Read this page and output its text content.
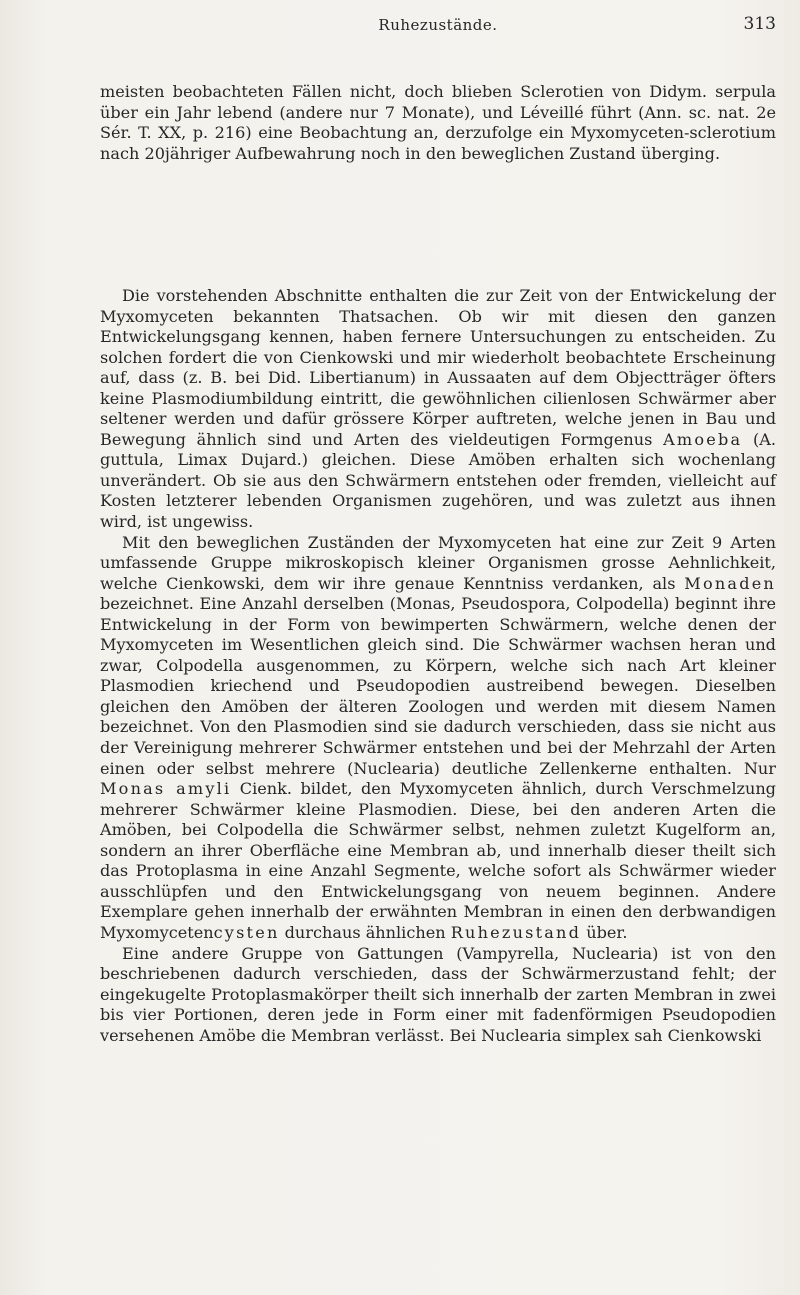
Ruhezustände.	313

meisten beobachteten Fällen nicht, doch blieben Sclerotien von Didym. serpula über ein Jahr lebend (andere nur 7 Monate), und Léveillé führt (Ann. sc. nat. 2e Sér. T. XX, p. 216) eine Beobachtung an, derzufolge ein Myxomyceten-sclerotium nach 20jähriger Aufbewahrung noch in den beweglichen Zustand überging.

Die vorstehenden Abschnitte enthalten die zur Zeit von der Entwickelung der Myxomyceten bekannten Thatsachen. Ob wir mit diesen den ganzen Entwickelungsgang kennen, haben fernere Untersuchungen zu entscheiden. Zu solchen fordert die von Cienkowski und mir wiederholt beobachtete Erscheinung auf, dass (z. B. bei Did. Libertianum) in Aussaaten auf dem Objectträger öfters keine Plasmodiumbildung eintritt, die gewöhnlichen cilienlosen Schwärmer aber seltener werden und dafür grössere Körper auftreten, welche jenen in Bau und Bewegung ähnlich sind und Arten des vieldeutigen Formgenus Amoeba (A. guttula, Limax Dujard.) gleichen. Diese Amöben erhalten sich wochenlang unverändert. Ob sie aus den Schwärmern entstehen oder fremden, vielleicht auf Kosten letzterer lebenden Organismen zugehören, und was zuletzt aus ihnen wird, ist ungewiss.

Mit den beweglichen Zuständen der Myxomyceten hat eine zur Zeit 9 Arten umfassende Gruppe mikroskopisch kleiner Organismen grosse Aehnlichkeit, welche Cienkowski, dem wir ihre genaue Kenntniss verdanken, als Monaden bezeichnet. Eine Anzahl derselben (Monas, Pseudospora, Colpodella) beginnt ihre Entwickelung in der Form von bewimperten Schwärmern, welche denen der Myxomyceten im Wesentlichen gleich sind. Die Schwärmer wachsen heran und zwar, Colpodella ausgenommen, zu Körpern, welche sich nach Art kleiner Plasmodien kriechend und Pseudopodien austreibend bewegen. Dieselben gleichen den Amöben der älteren Zoologen und werden mit diesem Namen bezeichnet. Von den Plasmodien sind sie dadurch verschieden, dass sie nicht aus der Vereinigung mehrerer Schwärmer entstehen und bei der Mehrzahl der Arten einen oder selbst mehrere (Nuclearia) deutliche Zellenkerne enthalten. Nur Monas amyli Cienk. bildet, den Myxomyceten ähnlich, durch Verschmelzung mehrerer Schwärmer kleine Plasmodien. Diese, bei den anderen Arten die Amöben, bei Colpodella die Schwärmer selbst, nehmen zuletzt Kugelform an, sondern an ihrer Oberfläche eine Membran ab, und innerhalb dieser theilt sich das Protoplasma in eine Anzahl Segmente, welche sofort als Schwärmer wieder ausschlüpfen und den Entwickelungsgang von neuem beginnen. Andere Exemplare gehen innerhalb der erwähnten Membran in einen den derbwandigen Myxomycetencysten durchaus ähnlichen Ruhezustand über.

Eine andere Gruppe von Gattungen (Vampyrella, Nuclearia) ist von den beschriebenen dadurch verschieden, dass der Schwärmerzustand fehlt; der eingekugelte Protoplasmakörper theilt sich innerhalb der zarten Membran in zwei bis vier Portionen, deren jede in Form einer mit fadenförmigen Pseudopodien versehenen Amöbe die Membran verlässt. Bei Nuclearia simplex sah Cienkowski
